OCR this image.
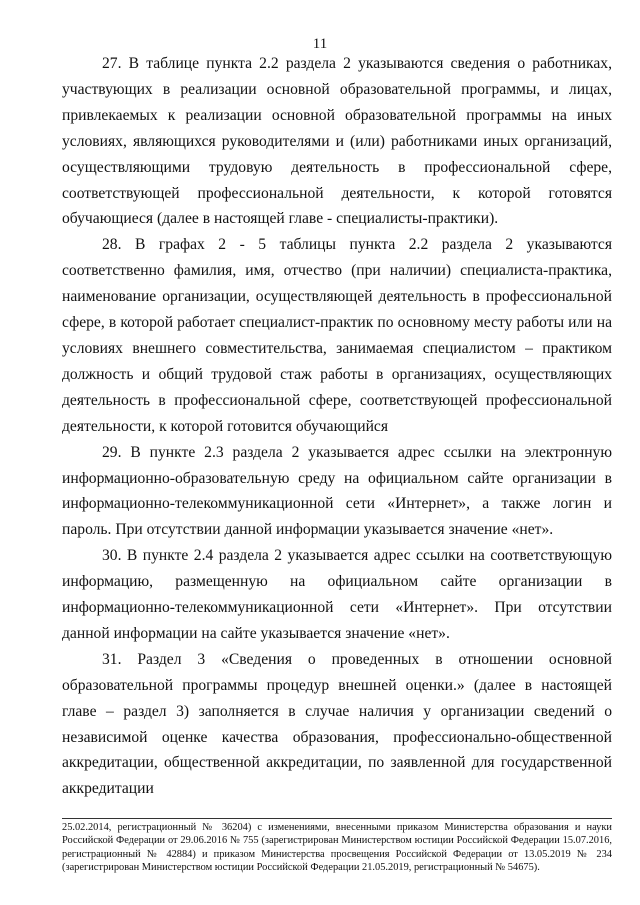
11

27. В таблице пункта 2.2 раздела 2 указываются сведения о работниках, участвующих в реализации основной образовательной программы, и лицах, привлекаемых к реализации основной образовательной программы на иных условиях, являющихся руководителями и (или) работниками иных организаций, осуществляющими трудовую деятельность в профессиональной сфере, соответствующей профессиональной деятельности, к которой готовятся обучающиеся (далее в настоящей главе - специалисты-практики).

28. В графах 2 - 5 таблицы пункта 2.2 раздела 2 указываются соответственно фамилия, имя, отчество (при наличии) специалиста-практика, наименование организации, осуществляющей деятельность в профессиональной сфере, в которой работает специалист-практик по основному месту работы или на условиях внешнего совместительства, занимаемая специалистом – практиком должность и общий трудовой стаж работы в организациях, осуществляющих деятельность в профессиональной сфере, соответствующей профессиональной деятельности, к которой готовится обучающийся

29. В пункте 2.3 раздела 2 указывается адрес ссылки на электронную информационно-образовательную среду на официальном сайте организации в информационно-телекоммуникационной сети «Интернет», а также логин и пароль. При отсутствии данной информации указывается значение «нет».

30. В пункте 2.4 раздела 2 указывается адрес ссылки на соответствующую информацию, размещенную на официальном сайте организации в информационно-телекоммуникационной сети «Интернет». При отсутствии данной информации на сайте указывается значение «нет».

31. Раздел 3 «Сведения о проведенных в отношении основной образовательной программы процедур внешней оценки.» (далее в настоящей главе – раздел 3) заполняется в случае наличия у организации сведений о независимой оценке качества образования, профессионально-общественной аккредитации, общественной аккредитации, по заявленной для государственной аккредитации

25.02.2014, регистрационный № 36204) с изменениями, внесенными приказом Министерства образования и науки Российской Федерации от 29.06.2016 № 755 (зарегистрирован Министерством юстиции Российской Федерации 15.07.2016, регистрационный № 42884) и приказом Министерства просвещения Российской Федерации от 13.05.2019 № 234 (зарегистрирован Министерством юстиции Российской Федерации 21.05.2019, регистрационный № 54675).
